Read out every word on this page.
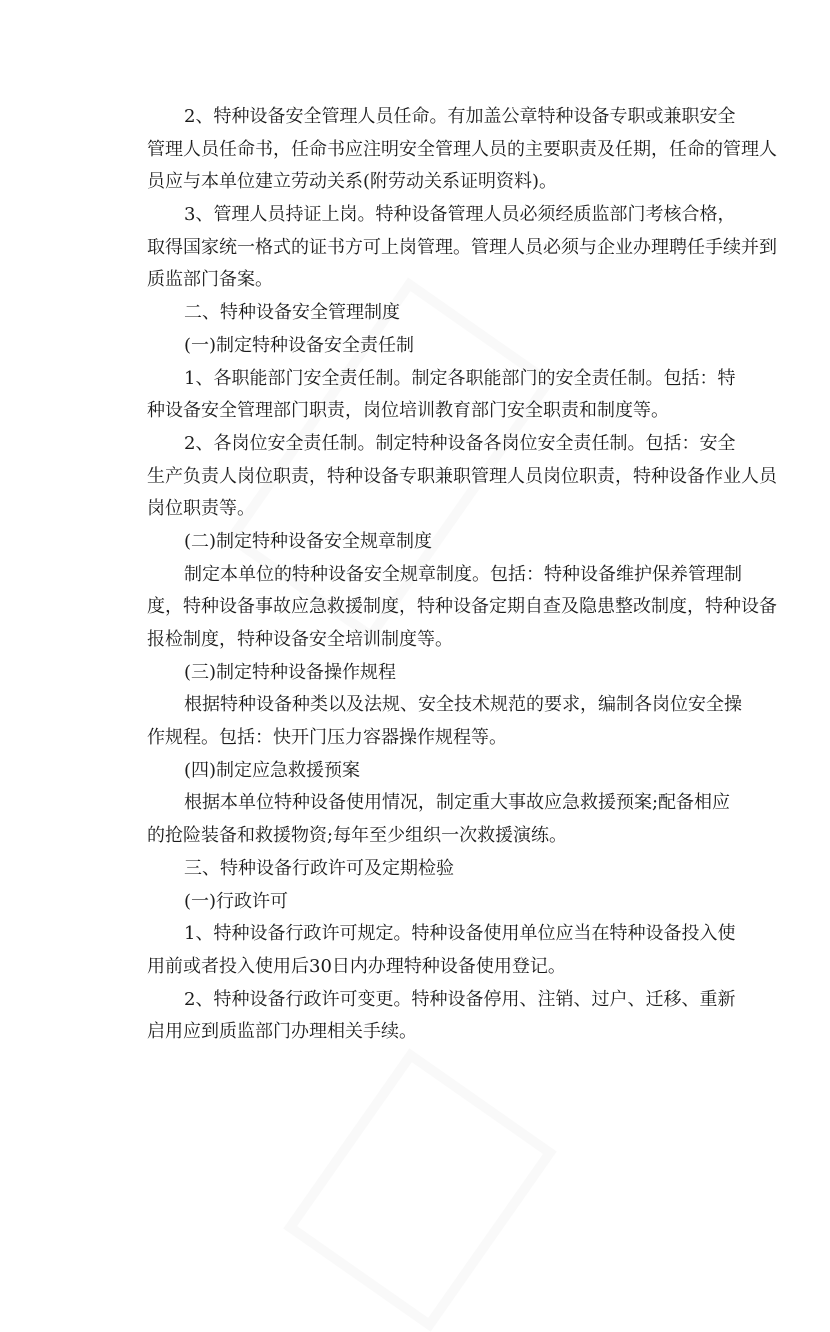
2、特种设备安全管理人员任命。有加盖公章特种设备专职或兼职安全
管理人员任命书，任命书应注明安全管理人员的主要职责及任期，任命的管理人
员应与本单位建立劳动关系(附劳动关系证明资料)。
3、管理人员持证上岗。特种设备管理人员必须经质监部门考核合格，
取得国家统一格式的证书方可上岗管理。管理人员必须与企业办理聘任手续并到
质监部门备案。
二、特种设备安全管理制度
(一)制定特种设备安全责任制
1、各职能部门安全责任制。制定各职能部门的安全责任制。包括：特
种设备安全管理部门职责，岗位培训教育部门安全职责和制度等。
2、各岗位安全责任制。制定特种设备各岗位安全责任制。包括：安全
生产负责人岗位职责，特种设备专职兼职管理人员岗位职责，特种设备作业人员
岗位职责等。
(二)制定特种设备安全规章制度
制定本单位的特种设备安全规章制度。包括：特种设备维护保养管理制
度，特种设备事故应急救援制度，特种设备定期自查及隐患整改制度，特种设备
报检制度，特种设备安全培训制度等。
(三)制定特种设备操作规程
根据特种设备种类以及法规、安全技术规范的要求，编制各岗位安全操
作规程。包括：快开门压力容器操作规程等。
(四)制定应急救援预案
根据本单位特种设备使用情况，制定重大事故应急救援预案;配备相应
的抢险装备和救援物资;每年至少组织一次救援演练。
三、特种设备行政许可及定期检验
(一)行政许可
1、特种设备行政许可规定。特种设备使用单位应当在特种设备投入使
用前或者投入使用后30日内办理特种设备使用登记。
2、特种设备行政许可变更。特种设备停用、注销、过户、迁移、重新
启用应到质监部门办理相关手续。
